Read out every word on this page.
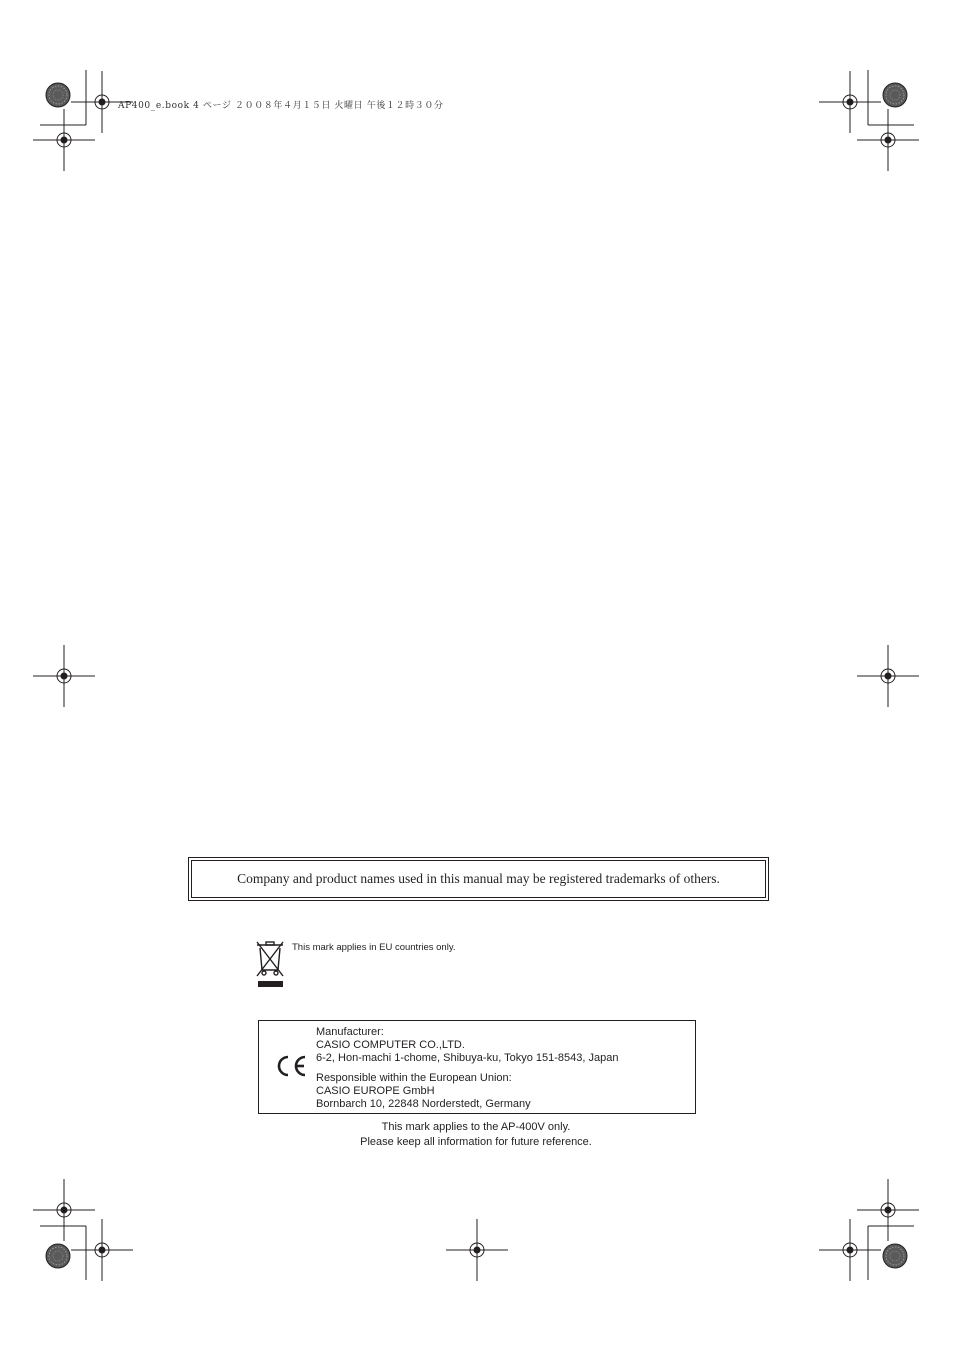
AP400_e.book 4 ページ ２００８年４月１５日 火曜日 午後１２時３０分
Company and product names used in this manual may be registered trademarks of others.
This mark applies in EU countries only.

Manufacturer:

CASIO COMPUTER CO.,LTD.

6-2, Hon-machi 1-chome, Shibuya-ku, Tokyo 151-8543, Japan

Responsible within the European Union:

CASIO EUROPE GmbH

Bornbarch 10, 22848 Norderstedt, Germany

This mark applies to the AP-400V only.

Please keep all information for future reference.
